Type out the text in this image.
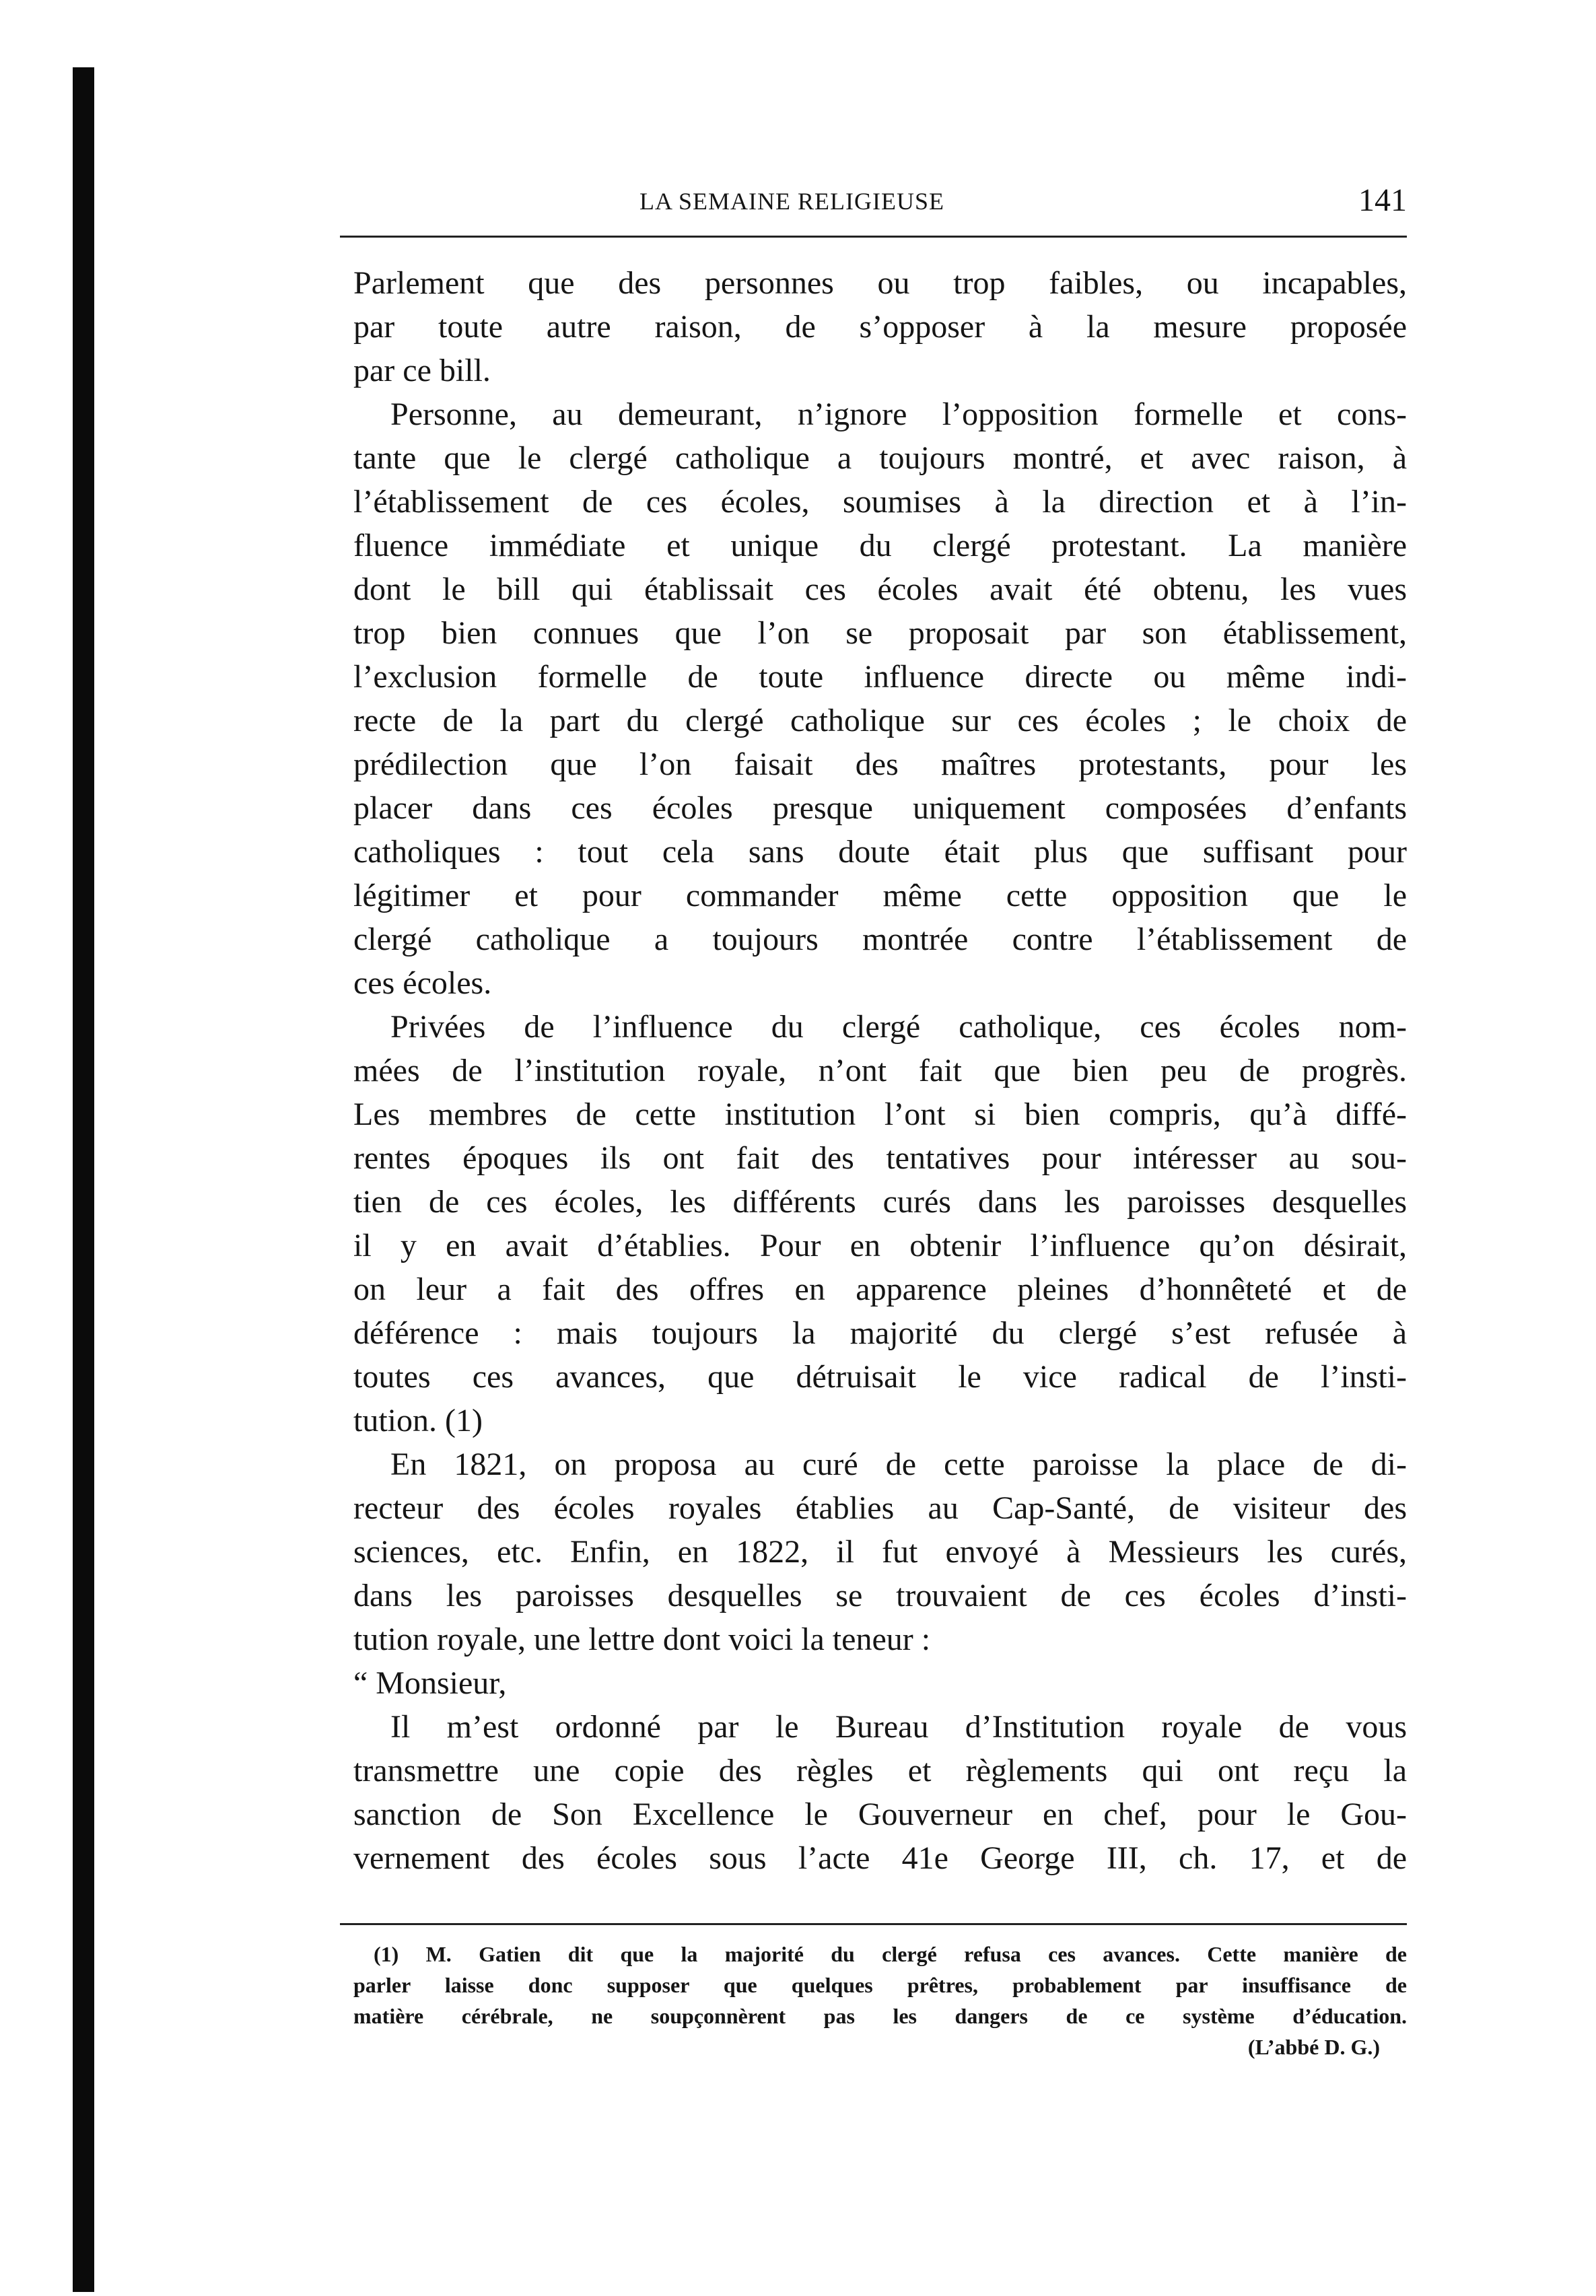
LA SEMAINE RELIGIEUSE	141
Parlement que des personnes ou trop faibles, ou incapables,
par toute autre raison, de s’opposer à la mesure proposée
par ce bill.
Personne, au demeurant, n’ignore l’opposition formelle et cons-
tante que le clergé catholique a toujours montré, et avec raison, à
l’établissement de ces écoles, soumises à la direction et à l’in-
fluence immédiate et unique du clergé protestant. La manière
dont le bill qui établissait ces écoles avait été obtenu, les vues
trop bien connues que l’on se proposait par son établissement,
l’exclusion formelle de toute influence directe ou même indi-
recte de la part du clergé catholique sur ces écoles ; le choix de
prédilection que l’on faisait des maîtres protestants, pour les
placer dans ces écoles presque uniquement composées d’enfants
catholiques : tout cela sans doute était plus que suffisant pour
légitimer et pour commander même cette opposition que le
clergé catholique a toujours montrée contre l’établissement de
ces écoles.
Privées de l’influence du clergé catholique, ces écoles nom-
mées de l’institution royale, n’ont fait que bien peu de progrès.
Les membres de cette institution l’ont si bien compris, qu’à diffé-
rentes époques ils ont fait des tentatives pour intéresser au sou-
tien de ces écoles, les différents curés dans les paroisses desquelles
il y en avait d’établies. Pour en obtenir l’influence qu’on désirait,
on leur a fait des offres en apparence pleines d’honnêteté et de
déférence : mais toujours la majorité du clergé s’est refusée à
toutes ces avances, que détruisait le vice radical de l’insti-
tution. (1)
En 1821, on proposa au curé de cette paroisse la place de di-
recteur des écoles royales établies au Cap-Santé, de visiteur des
sciences, etc. Enfin, en 1822, il fut envoyé à Messieurs les curés,
dans les paroisses desquelles se trouvaient de ces écoles d’insti-
tution royale, une lettre dont voici la teneur :
“ Monsieur,
Il m’est ordonné par le Bureau d’Institution royale de vous
transmettre une copie des règles et règlements qui ont reçu la
sanction de Son Excellence le Gouverneur en chef, pour le Gou-
vernement des écoles sous l’acte 41e George III, ch. 17, et de
(1) M. Gatien dit que la majorité du clergé refusa ces avances. Cette manière de
parler laisse donc supposer que quelques prêtres, probablement par insuffisance de
matière cérébrale, ne soupçonnèrent pas les dangers de ce système d’éducation.
(L’abbé D. G.)
